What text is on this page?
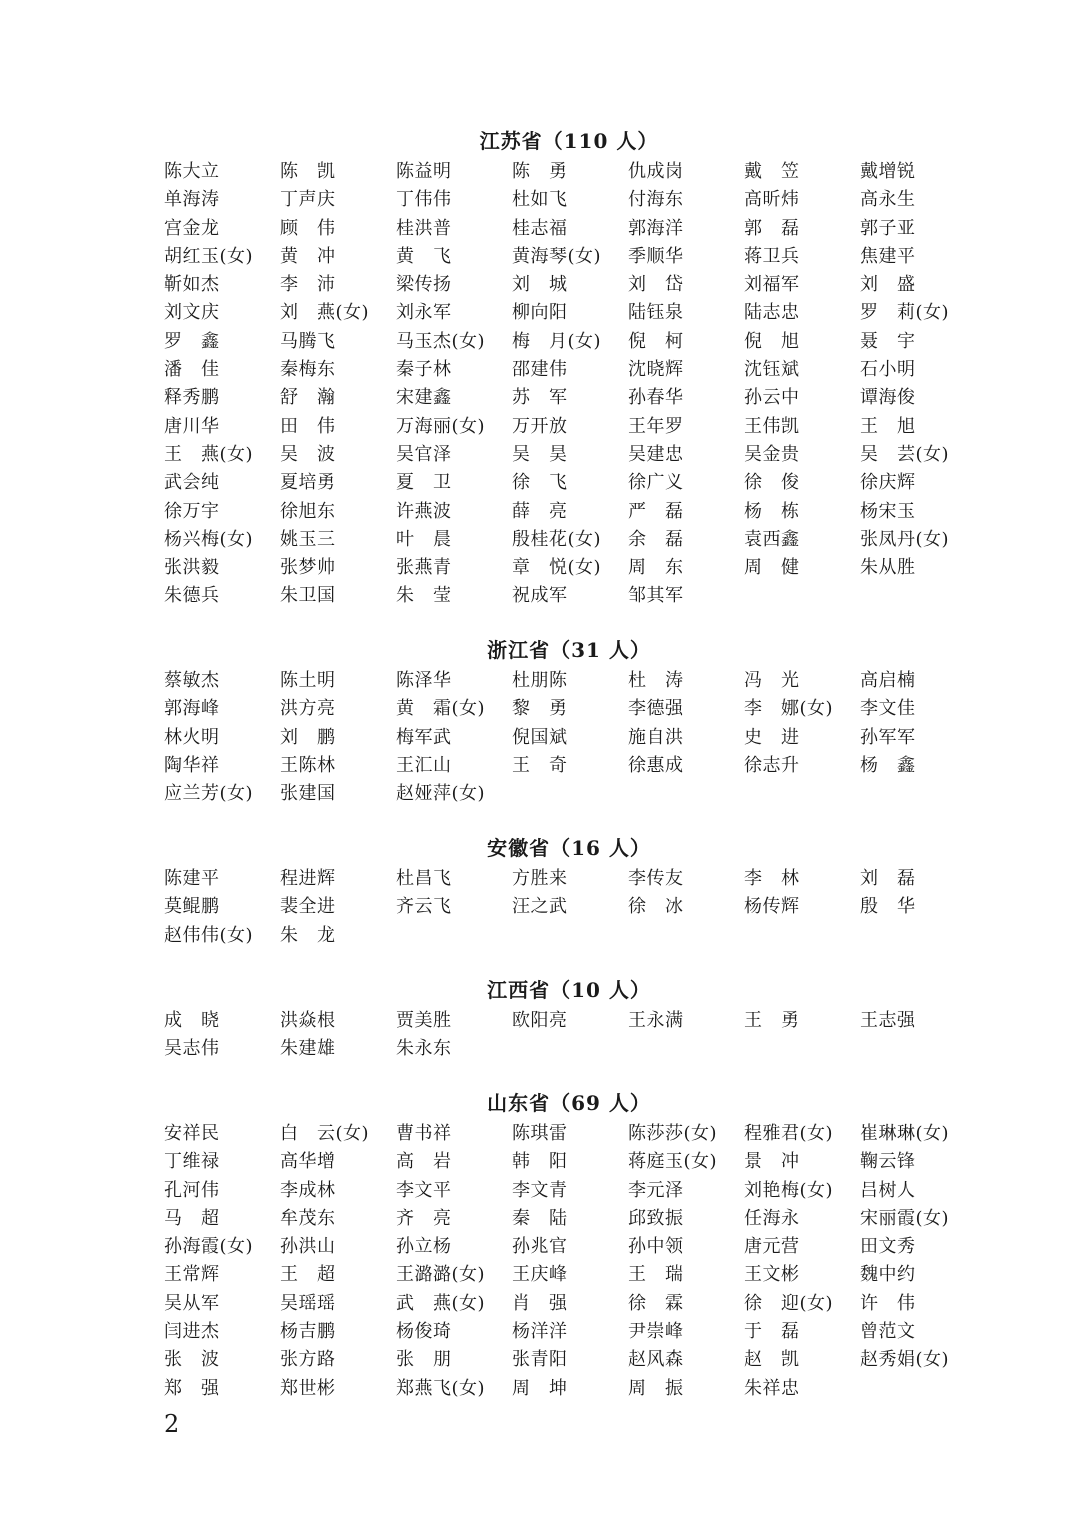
江苏省（110 人）
陈大立	陈　凯	陈益明	陈　勇	仇成岗	戴　笠	戴增锐
单海涛	丁声庆	丁伟伟	杜如飞	付海东	高昕炜	高永生
宫金龙	顾　伟	桂洪普	桂志福	郭海洋	郭　磊	郭子亚
胡红玉(女)	黄　冲	黄　飞	黄海琴(女)	季顺华	蒋卫兵	焦建平
靳如杰	李　沛	梁传扬	刘　城	刘　岱	刘福军	刘　盛
刘文庆	刘　燕(女)	刘永军	柳向阳	陆钰泉	陆志忠	罗　莉(女)
罗　鑫	马腾飞	马玉杰(女)	梅　月(女)	倪　柯	倪　旭	聂　宇
潘　佳	秦梅东	秦子林	邵建伟	沈晓辉	沈钰斌	石小明
释秀鹏	舒　瀚	宋建鑫	苏　军	孙春华	孙云中	谭海俊
唐川华	田　伟	万海丽(女)	万开放	王年罗	王伟凯	王　旭
王　燕(女)	吴　波	吴官泽	吴　昊	吴建忠	吴金贵	吴　芸(女)
武会纯	夏培勇	夏　卫	徐　飞	徐广义	徐　俊	徐庆辉
徐万宇	徐旭东	许燕波	薛　亮	严　磊	杨　栋	杨宋玉
杨兴梅(女)	姚玉三	叶　晨	殷桂花(女)	余　磊	袁西鑫	张凤丹(女)
张洪毅	张梦帅	张燕青	章　悦(女)	周　东	周　健	朱从胜
朱德兵	朱卫国	朱　莹	祝成军	邹其军
浙江省（31 人）
蔡敏杰	陈土明	陈泽华	杜朋陈	杜　涛	冯　光	高启楠
郭海峰	洪方亮	黄　霜(女)	黎　勇	李德强	李　娜(女)	李文佳
林火明	刘　鹏	梅军武	倪国斌	施自洪	史　进	孙军军
陶华祥	王陈林	王汇山	王　奇	徐惠成	徐志升	杨　鑫
应兰芳(女)	张建国	赵娅萍(女)
安徽省（16 人）
陈建平	程进辉	杜昌飞	方胜来	李传友	李　林	刘　磊
莫鲲鹏	裴全进	齐云飞	汪之武	徐　冰	杨传辉	殷　华
赵伟伟(女)	朱　龙
江西省（10 人）
成　晓	洪焱根	贾美胜	欧阳亮	王永满	王　勇	王志强
吴志伟	朱建雄	朱永东
山东省（69 人）
安祥民	白　云(女)	曹书祥	陈琪雷	陈莎莎(女)	程雅君(女)	崔琳琳(女)
丁维禄	高华增	高　岩	韩　阳	蒋庭玉(女)	景　冲	鞠云锋
孔河伟	李成林	李文平	李文青	李元泽	刘艳梅(女)	吕树人
马　超	牟茂东	齐　亮	秦　陆	邱致振	任海永	宋丽霞(女)
孙海霞(女)	孙洪山	孙立杨	孙兆官	孙中领	唐元营	田文秀
王常辉	王　超	王潞潞(女)	王庆峰	王　瑞	王文彬	魏中约
吴从军	吴瑶瑶	武　燕(女)	肖　强	徐　霖	徐　迎(女)	许　伟
闫进杰	杨吉鹏	杨俊琦	杨洋洋	尹崇峰	于　磊	曾范文
张　波	张方路	张　朋	张青阳	赵风森	赵　凯	赵秀娟(女)
郑　强	郑世彬	郑燕飞(女)	周　坤	周　振	朱祥忠
2
